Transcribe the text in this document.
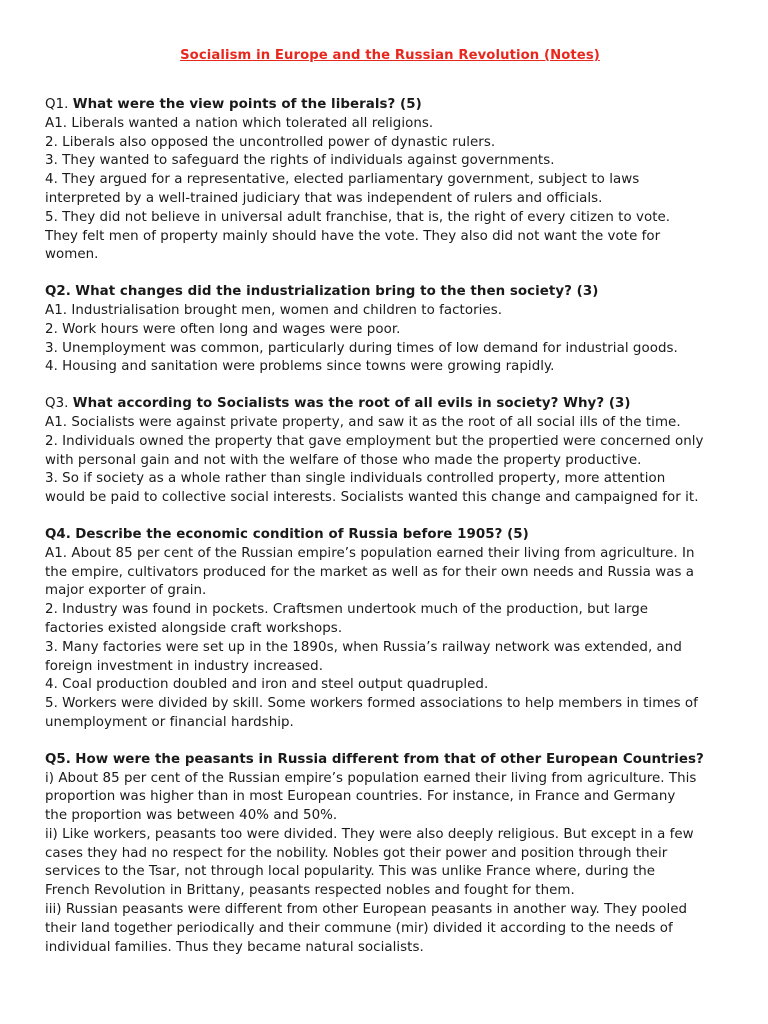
Socialism in Europe and the Russian Revolution (Notes)
Q1. What were the view points of the liberals? (5)
A1. Liberals wanted a nation which tolerated all religions.
2. Liberals also opposed the uncontrolled power of dynastic rulers.
3. They wanted to safeguard the rights of individuals against governments.
4. They argued for a representative, elected parliamentary government, subject to laws
interpreted by a well-trained judiciary that was independent of rulers and officials.
5. They did not believe in universal adult franchise, that is, the right of every citizen to vote.
They felt men of property mainly should have the vote. They also did not want the vote for
women.
Q2. What changes did the industrialization bring to the then society? (3)
A1. Industrialisation brought men, women and children to factories.
2. Work hours were often long and wages were poor.
3. Unemployment was common, particularly during times of low demand for industrial goods.
4. Housing and sanitation were problems since towns were growing rapidly.
Q3. What according to Socialists was the root of all evils in society? Why? (3)
A1. Socialists were against private property, and saw it as the root of all social ills of the time.
2. Individuals owned the property that gave employment but the propertied were concerned only
with personal gain and not with the welfare of those who made the property productive.
3. So if society as a whole rather than single individuals controlled property, more attention
would be paid to collective social interests. Socialists wanted this change and campaigned for it.
Q4. Describe the economic condition of Russia before 1905? (5)
A1. About 85 per cent of the Russian empire’s population earned their living from agriculture. In
the empire, cultivators produced for the market as well as for their own needs and Russia was a
major exporter of grain.
2. Industry was found in pockets. Craftsmen undertook much of the production, but large
factories existed alongside craft workshops.
3. Many factories were set up in the 1890s, when Russia’s railway network was extended, and
foreign investment in industry increased.
4. Coal production doubled and iron and steel output quadrupled.
5. Workers were divided by skill. Some workers formed associations to help members in times of
unemployment or financial hardship.
Q5. How were the peasants in Russia different from that of other European Countries?
i) About 85 per cent of the Russian empire’s population earned their living from agriculture. This
proportion was higher than in most European countries. For instance, in France and Germany
the proportion was between 40% and 50%.
ii) Like workers, peasants too were divided. They were also deeply religious. But except in a few
cases they had no respect for the nobility. Nobles got their power and position through their
services to the Tsar, not through local popularity. This was unlike France where, during the
French Revolution in Brittany, peasants respected nobles and fought for them.
iii) Russian peasants were different from other European peasants in another way. They pooled
their land together periodically and their commune (mir) divided it according to the needs of
individual families. Thus they became natural socialists.
